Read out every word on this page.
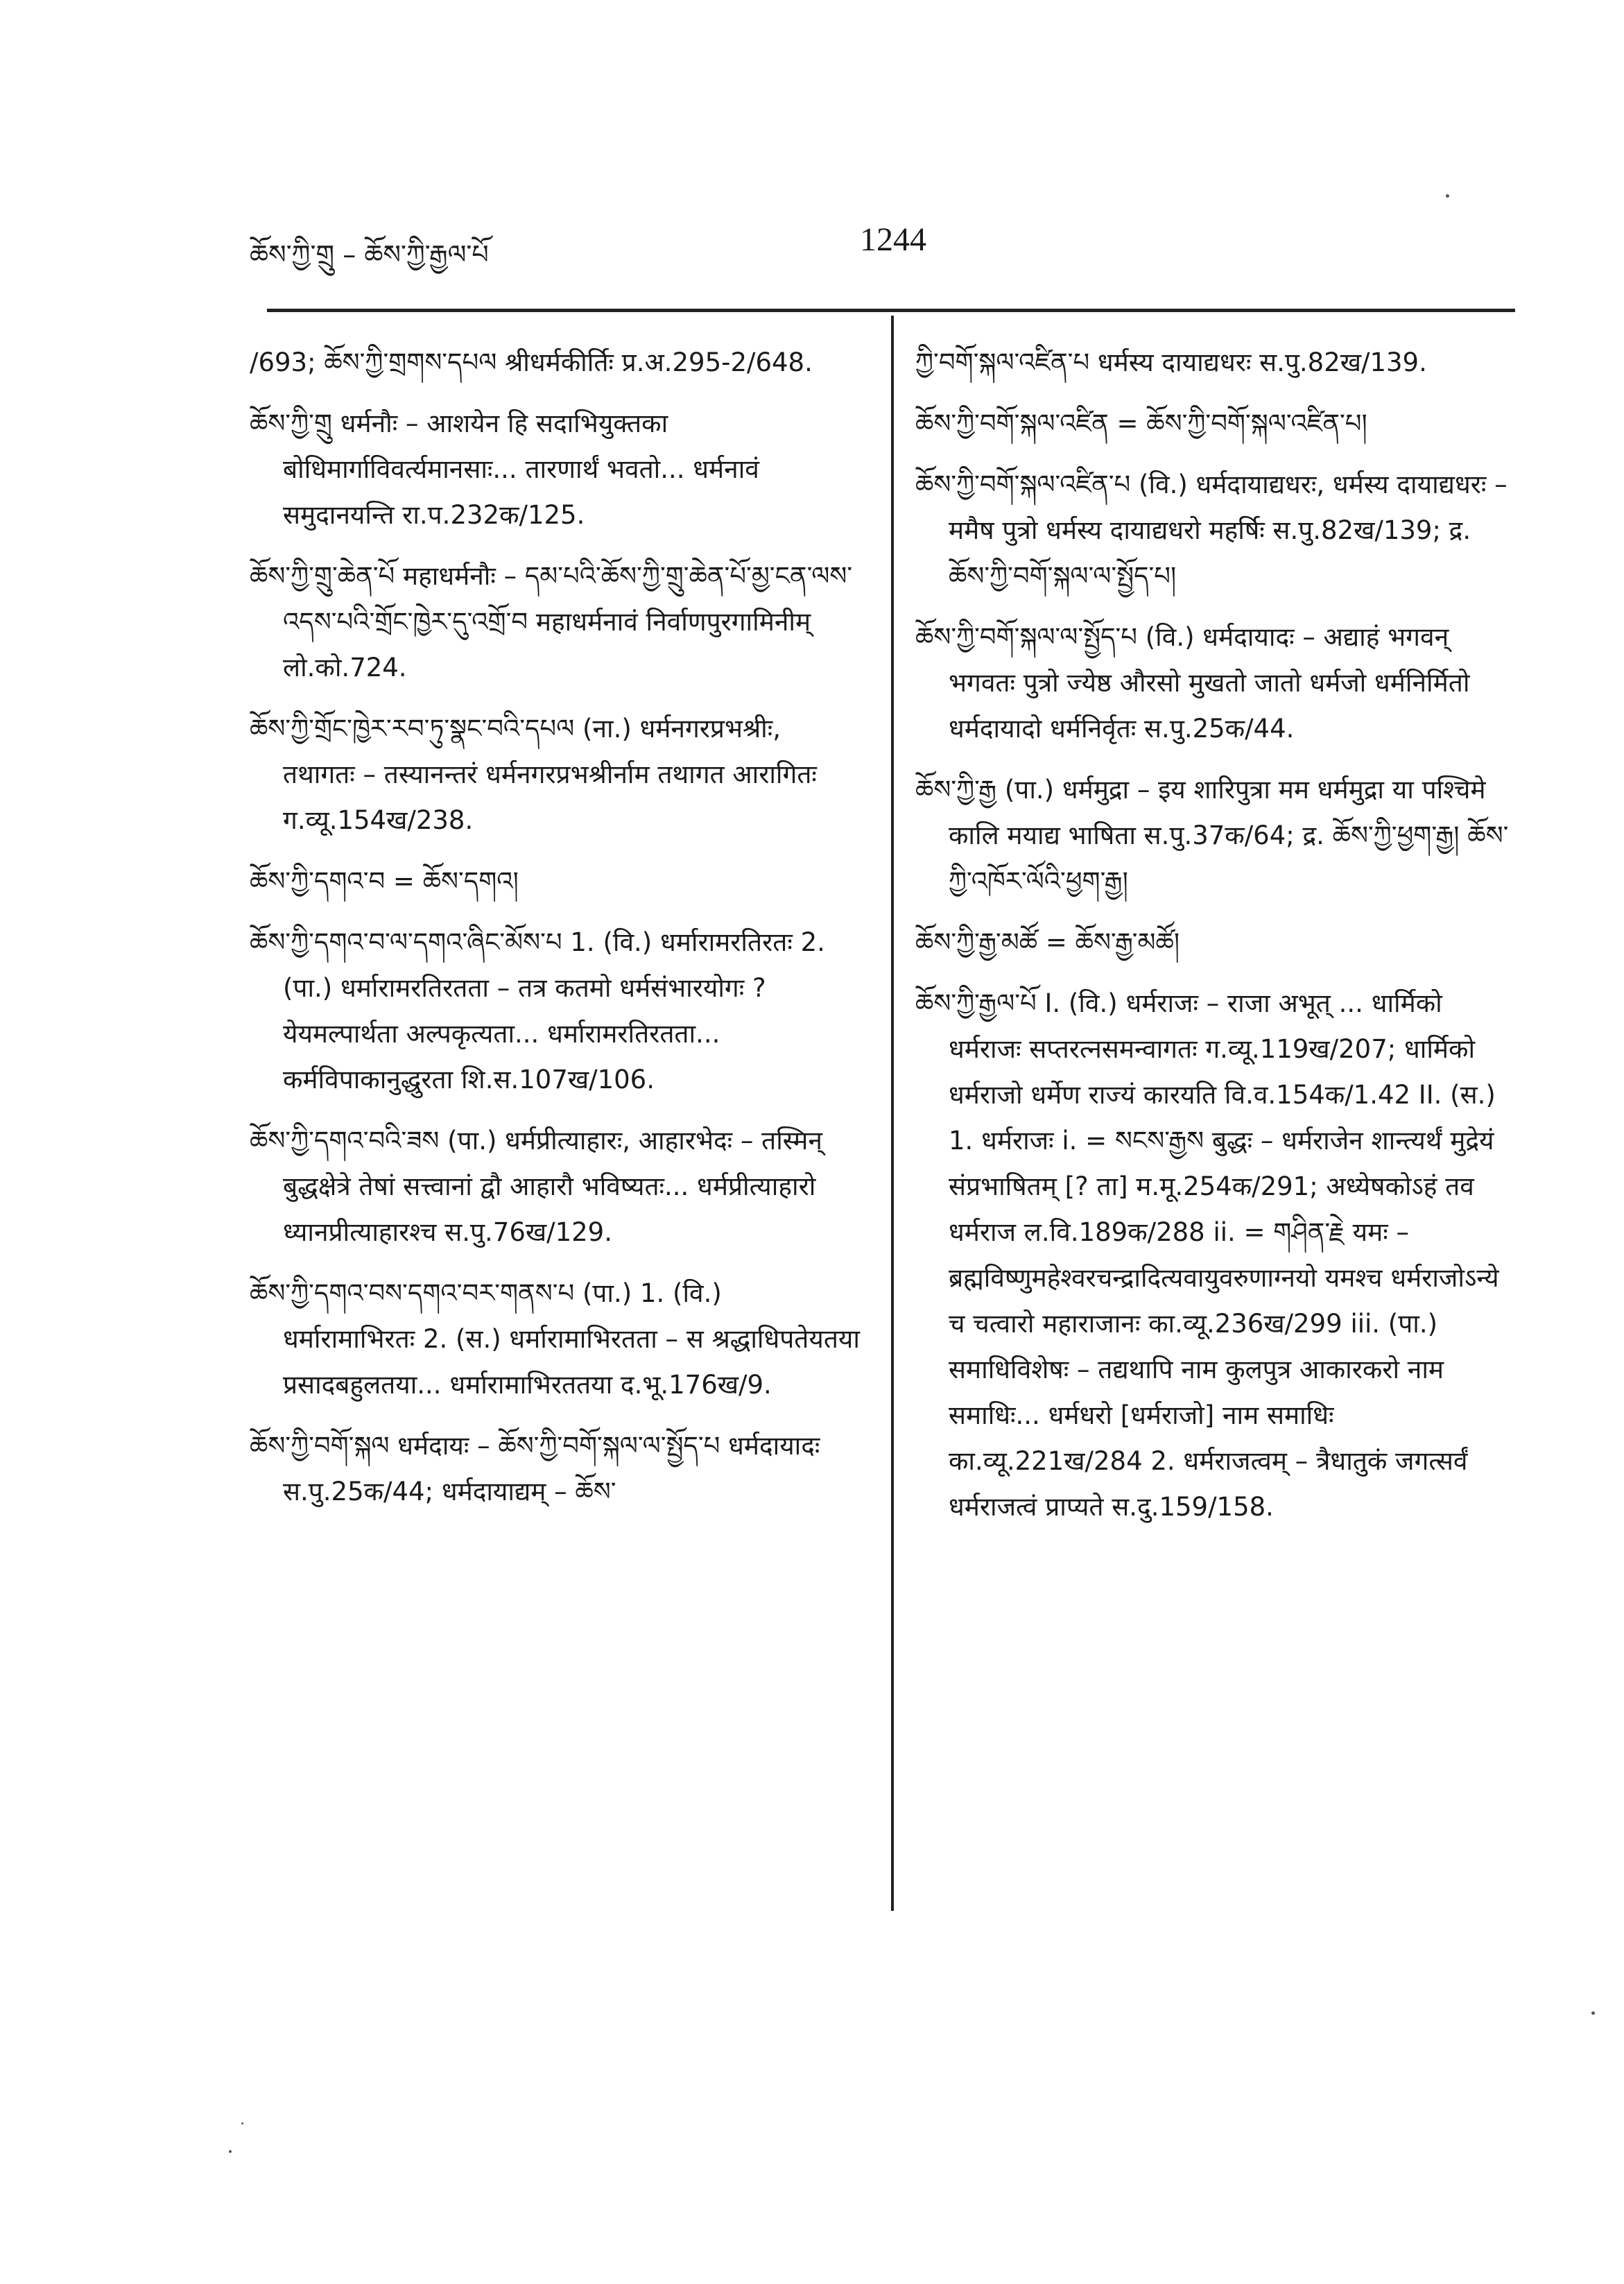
ཆོས་ཀྱི་གྲུ – ཆོས་ཀྱི་རྒྱལ་པོ	1244

/693; ཆོས་ཀྱི་གྲགས་དཔལ श्रीधर्मकीर्तिः प्र.अ.295-2/648.

ཆོས་ཀྱི་གྲུ धर्मनौः – आशयेन हि सदाभियुक्तका बोधिमार्गाविवर्त्यमानसाः... तारणार्थं भवतो... धर्मनावं समुदानयन्ति रा.प.232क/125.

ཆོས་ཀྱི་གྲུ་ཆེན་པོ महाधर्मनौः – དམ་པའི་ཆོས་ཀྱི་གྲུ་ཆེན་པོ་མྱ་ངན་ལས་འདས་པའི་གྲོང་ཁྱེར་དུ་འགྲོ་བ महाधर्मनावं निर्वाणपुरगामिनीम् लो.को.724.

ཆོས་ཀྱི་གྲོང་ཁྱེར་རབ་ཏུ་སྣང་བའི་དཔལ (ना.) धर्मनगरप्रभश्रीः, तथागतः – तस्यानन्तरं धर्मनगरप्रभश्रीर्नाम तथागत आरागितः ग.व्यू.154ख/238.

ཆོས་ཀྱི་དགའ་བ = ཆོས་དགའ།

ཆོས་ཀྱི་དགའ་བ་ལ་དགའ་ཞིང་མོས་པ 1. (वि.) धर्मारामरतिरतः 2. (पा.) धर्मारामरतिरतता – तत्र कतमो धर्मसंभारयोगः ? येयमल्पार्थता अल्पकृत्यता... धर्मारामरतिरतता... कर्मविपाकानुद्धुरता शि.स.107ख/106.

ཆོས་ཀྱི་དགའ་བའི་ཟས (पा.) धर्मप्रीत्याहारः, आहारभेदः – तस्मिन् बुद्धक्षेत्रे तेषां सत्त्वानां द्वौ आहारौ भविष्यतः... धर्मप्रीत्याहारो ध्यानप्रीत्याहारश्च स.पु.76ख/129.

ཆོས་ཀྱི་དགའ་བས་དགའ་བར་གནས་པ (पा.) 1. (वि.) धर्मारामाभिरतः 2. (स.) धर्मारामाभिरतता – स श्रद्धाधिपतेयतया प्रसादबहुलतया... धर्मारामाभिरततया द.भू.176ख/9.

ཆོས་ཀྱི་བགོ་སྐལ धर्मदायः – ཆོས་ཀྱི་བགོ་སྐལ་ལ་སྤྱོད་པ धर्मदायादः स.पु.25क/44; धर्मदायाद्यम् – ཆོས་

ཀྱི་བགོ་སྐལ་འཛིན་པ धर्मस्य दायाद्यधरः स.पु.82ख/139.

ཆོས་ཀྱི་བགོ་སྐལ་འཛིན = ཆོས་ཀྱི་བགོ་སྐལ་འཛིན་པ།

ཆོས་ཀྱི་བགོ་སྐལ་འཛིན་པ (वि.) धर्मदायाद्यधरः, धर्मस्य दायाद्यधरः – ममैष पुत्रो धर्मस्य दायाद्यधरो महर्षिः स.पु.82ख/139; द्र. ཆོས་ཀྱི་བགོ་སྐལ་ལ་སྤྱོད་པ།

ཆོས་ཀྱི་བགོ་སྐལ་ལ་སྤྱོད་པ (वि.) धर्मदायादः – अद्याहं भगवन् भगवतः पुत्रो ज्येष्ठ औरसो मुखतो जातो धर्मजो धर्मनिर्मितो धर्मदायादो धर्मनिर्वृतः स.पु.25क/44.

ཆོས་ཀྱི་རྒྱ (पा.) धर्ममुद्रा – इय शारिपुत्रा मम धर्ममुद्रा या पश्चिमे कालि मयाद्य भाषिता स.पु.37क/64; द्र. ཆོས་ཀྱི་ཕྱག་རྒྱ། ཆོས་ཀྱི་འཁོར་ལོའི་ཕྱག་རྒྱ།

ཆོས་ཀྱི་རྒྱ་མཚོ = ཆོས་རྒྱ་མཚོ།

ཆོས་ཀྱི་རྒྱལ་པོ I. (वि.) धर्मराजः – राजा अभूत् ... धार्मिको धर्मराजः सप्तरत्नसमन्वागतः ग.व्यू.119ख/207; धार्मिको धर्मराजो धर्मेण राज्यं कारयति वि.व.154क/1.42 II. (स.) 1. धर्मराजः i. = སངས་རྒྱས बुद्धः – धर्मराजेन शान्त्यर्थं मुद्रेयं संप्रभाषितम् [? ता] म.मू.254क/291; अध्येषकोऽहं तव धर्मराज ल.वि.189क/288 ii. = གཤིན་རྗེ यमः – ब्रह्मविष्णुमहेश्वरचन्द्रादित्यवायुवरुणाग्नयो यमश्च धर्मराजोऽन्ये च चत्वारो महाराजानः का.व्यू.236ख/299 iii. (पा.) समाधिविशेषः – तद्यथापि नाम कुलपुत्र आकारकरो नाम समाधिः... धर्मधरो [धर्मराजो] नाम समाधिः का.व्यू.221ख/284 2. धर्मराजत्वम् – त्रैधातुकं जगत्सर्वं धर्मराजत्वं प्राप्यते स.दु.159/158.
